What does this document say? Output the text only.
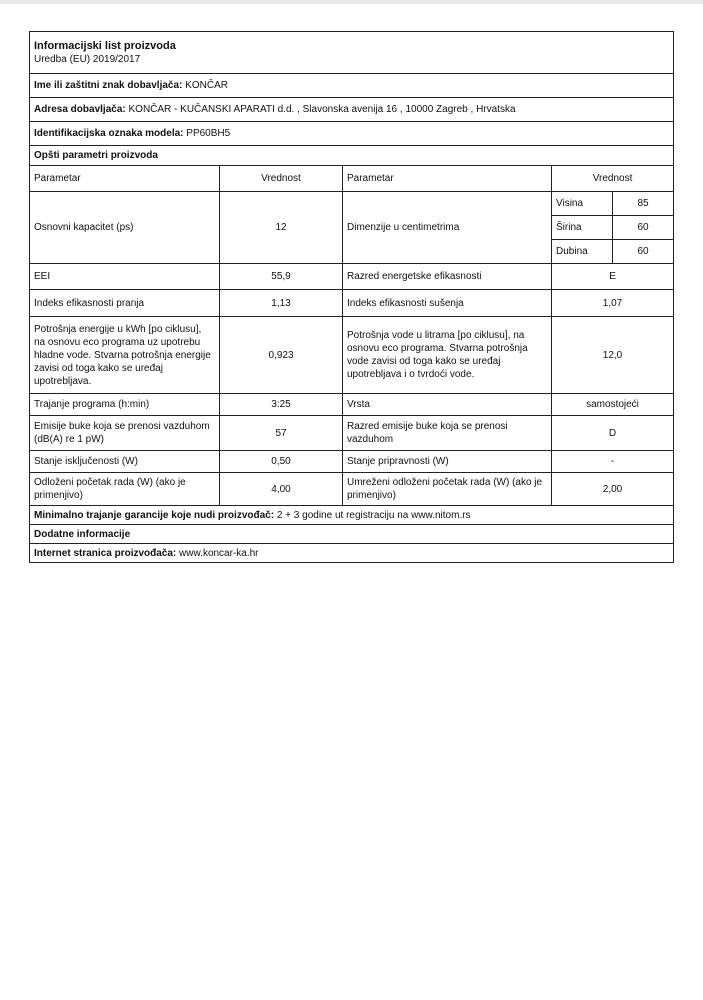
Informacijski list proizvoda
Uredba (EU) 2019/2017				

Ime ili zaštitni znak dobavljača: KONČAR				
Adresa dobavljača: KONČAR - KUČANSKI APARATI d.d. , Slavonska avenija 16 , 10000 Zagreb , Hrvatska				
Identifikacijska oznaka modela: PP60BH5				
Opšti parametri proizvoda				
Parametar	Vrednost	Parametar	Vrednost	
Osnovni kapacitet (ps)	12	Dimenzije u centimetrima	Visina	85
			Širina	60
			Dubina	60
EEI	55,9	Razred energetske efikasnosti	E	
Indeks efikasnosti pranja	1,13	Indeks efikasnosti sušenja	1,07	
Potrošnja energije u kWh [po ciklusu], na osnovu eco programa uz upotrebu hladne vode. Stvarna potrošnja energije zavisi od toga kako se uređaj upotrebljava.	0,923	Potrošnja vode u litrama [po ciklusu], na osnovu eco programa. Stvarna potrošnja vode zavisi od toga kako se uređaj upotrebljava i o tvrdoći vode.	12,0	
Trajanje programa (h:min)	3:25	Vrsta	samostojeći	
Emisije buke koja se prenosi vazduhom (dB(A) re 1 pW)	57	Razred emisije buke koja se prenosi vazduhom	D	
Stanje isključenosti (W)	0,50	Stanje pripravnosti (W)	-	
Odloženi početak rada (W) (ako je primenjivo)	4,00	Umreženi odloženi početak rada (W) (ako je primenjivo)	2,00	
Minimalno trajanje garancije koje nudi proizvođač: 2 + 3 godine ut registraciju na www.nitom.rs				
Dodatne informacije				
Internet stranica proizvođača: www.koncar-ka.hr				
